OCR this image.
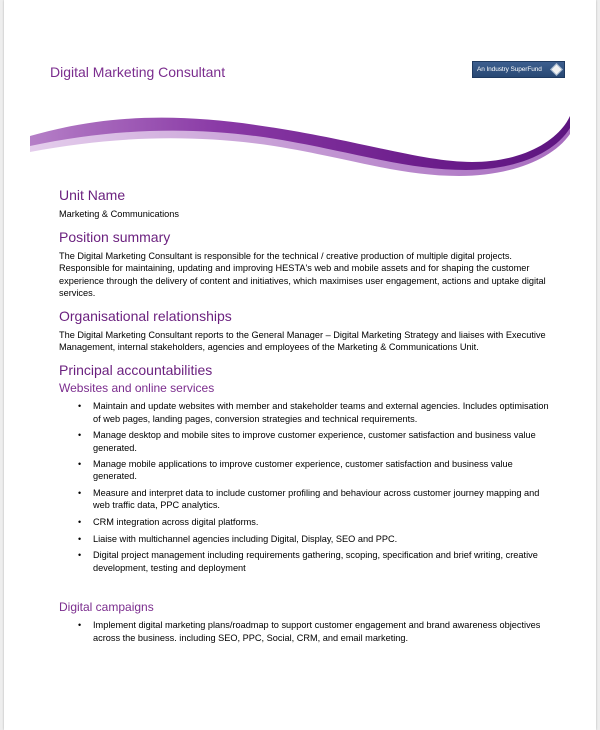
Digital Marketing Consultant	An Industry SuperFund
Unit Name

Marketing & Communications

Position summary

The Digital Marketing Consultant is responsible for the technical / creative production of multiple digital projects. Responsible for maintaining, updating and improving HESTA's web and mobile assets and for shaping the customer experience through the delivery of content and initiatives, which maximises user engagement, actions and uptake digital services.

Organisational relationships

The Digital Marketing Consultant reports to the General Manager – Digital Marketing Strategy and liaises with Executive Management, internal stakeholders, agencies and employees of the Marketing & Communications Unit.

Principal accountabilities
Websites and online services
• Maintain and update websites with member and stakeholder teams and external agencies. Includes optimisation of web pages, landing pages, conversion strategies and technical requirements.
• Manage desktop and mobile sites to improve customer experience, customer satisfaction and business value generated.
• Manage mobile applications to improve customer experience, customer satisfaction and business value generated.
• Measure and interpret data to include customer profiling and behaviour across customer journey mapping and web traffic data, PPC analytics.
• CRM integration across digital platforms.
• Liaise with multichannel agencies including Digital, Display, SEO and PPC.
• Digital project management including requirements gathering, scoping, specification and brief writing, creative development, testing and deployment
Digital campaigns
• Implement digital marketing plans/roadmap to support customer engagement and brand awareness objectives across the business. including SEO, PPC, Social, CRM, and email marketing.
